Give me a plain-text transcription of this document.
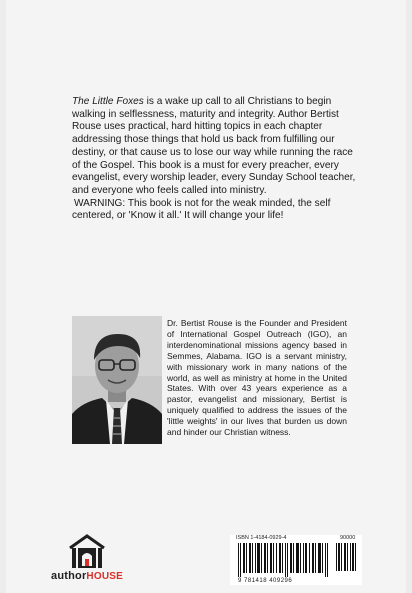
The Little Foxes is a wake up call to all Christians to begin walking in selflessness, maturity and integrity. Author Bertist Rouse uses practical, hard hitting topics in each chapter addressing those things that hold us back from fulfilling our destiny, or that cause us to lose our way while running the race of the Gospel. This book is a must for every preacher, every evangelist, every worship leader, every Sunday School teacher, and everyone who feels called into ministry.

WARNING: This book is not for the weak minded, the self centered, or 'Know it all.' It will change your life!

Dr. Bertist Rouse is the Founder and President of International Gospel Outreach (IGO), an interdenominational missions agency based in Semmes, Alabama. IGO is a servant ministry, with missionary work in many nations of the world, as well as ministry at home in the United States. With over 43 years experience as a pastor, evangelist and missionary, Bertist is uniquely qualified to address the issues of the 'little weights' in our lives that burden us down and hinder our Christian witness.
authorHOUSE
ISBN 1-4184-0929-4	90000
9 781418 409296
